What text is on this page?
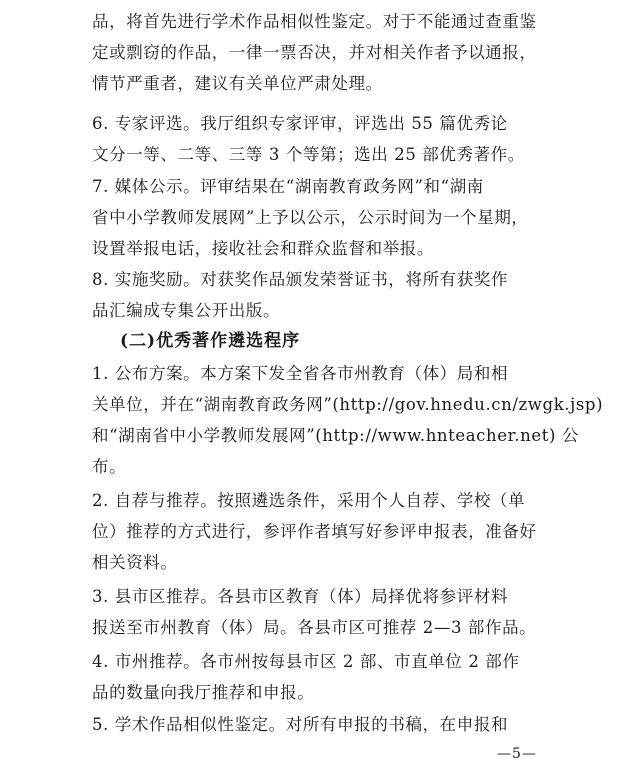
品，将首先进行学术作品相似性鉴定。对于不能通过查重鉴

定或剽窃的作品，一律一票否决，并对相关作者予以通报，

情节严重者，建议有关单位严肃处理。

6. 专家评选。我厅组织专家评审，评选出 55 篇优秀论

文分一等、二等、三等 3 个等第；选出 25 部优秀著作。

7. 媒体公示。评审结果在“湖南教育政务网”和“湖南

省中小学教师发展网”上予以公示，公示时间为一个星期，

设置举报电话，接收社会和群众监督和举报。

8. 实施奖励。对获奖作品颁发荣誉证书，将所有获奖作

品汇编成专集公开出版。

(二)优秀著作遴选程序

1. 公布方案。本方案下发全省各市州教育（体）局和相

关单位，并在“湖南教育政务网”(http://gov.hnedu.cn/zwgk.jsp)

和“湖南省中小学教师发展网”(http://www.hnteacher.net) 公

布。

2. 自荐与推荐。按照遴选条件，采用个人自荐、学校（单

位）推荐的方式进行，参评作者填写好参评申报表，准备好

相关资料。

3. 县市区推荐。各县市区教育（体）局择优将参评材料

报送至市州教育（体）局。各县市区可推荐 2—3 部作品。

4. 市州推荐。各市州按每县市区 2 部、市直单位 2 部作

品的数量向我厅推荐和申报。

5. 学术作品相似性鉴定。对所有申报的书稿，在申报和

—5—
